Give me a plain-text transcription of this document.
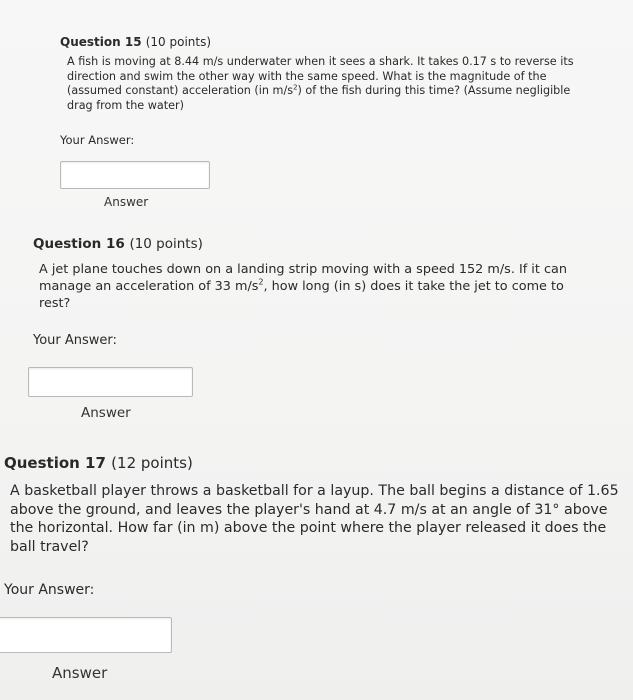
Question 15 (10 points)

A fish is moving at 8.44 m/s underwater when it sees a shark. It takes 0.17 s to reverse its direction and swim the other way with the same speed. What is the magnitude of the (assumed constant) acceleration (in $m/s^2$) of the fish during this time? (Assume negligible drag from the water)

Your Answer:

Answer

Question 16 (10 points)

A jet plane touches down on a landing strip moving with a speed 152 m/s. If it can manage an acceleration of 33 $m/s^2$, how long (in s) does it take the jet to come to rest?

Your Answer:

Answer

Question 17 (12 points)

A basketball player throws a basketball for a layup. The ball begins a distance of 1.65 above the ground, and leaves the player's hand at 4.7 m/s at an angle of 31° above the horizontal. How far (in m) above the point where the player released it does the ball travel?

Your Answer:

Answer
